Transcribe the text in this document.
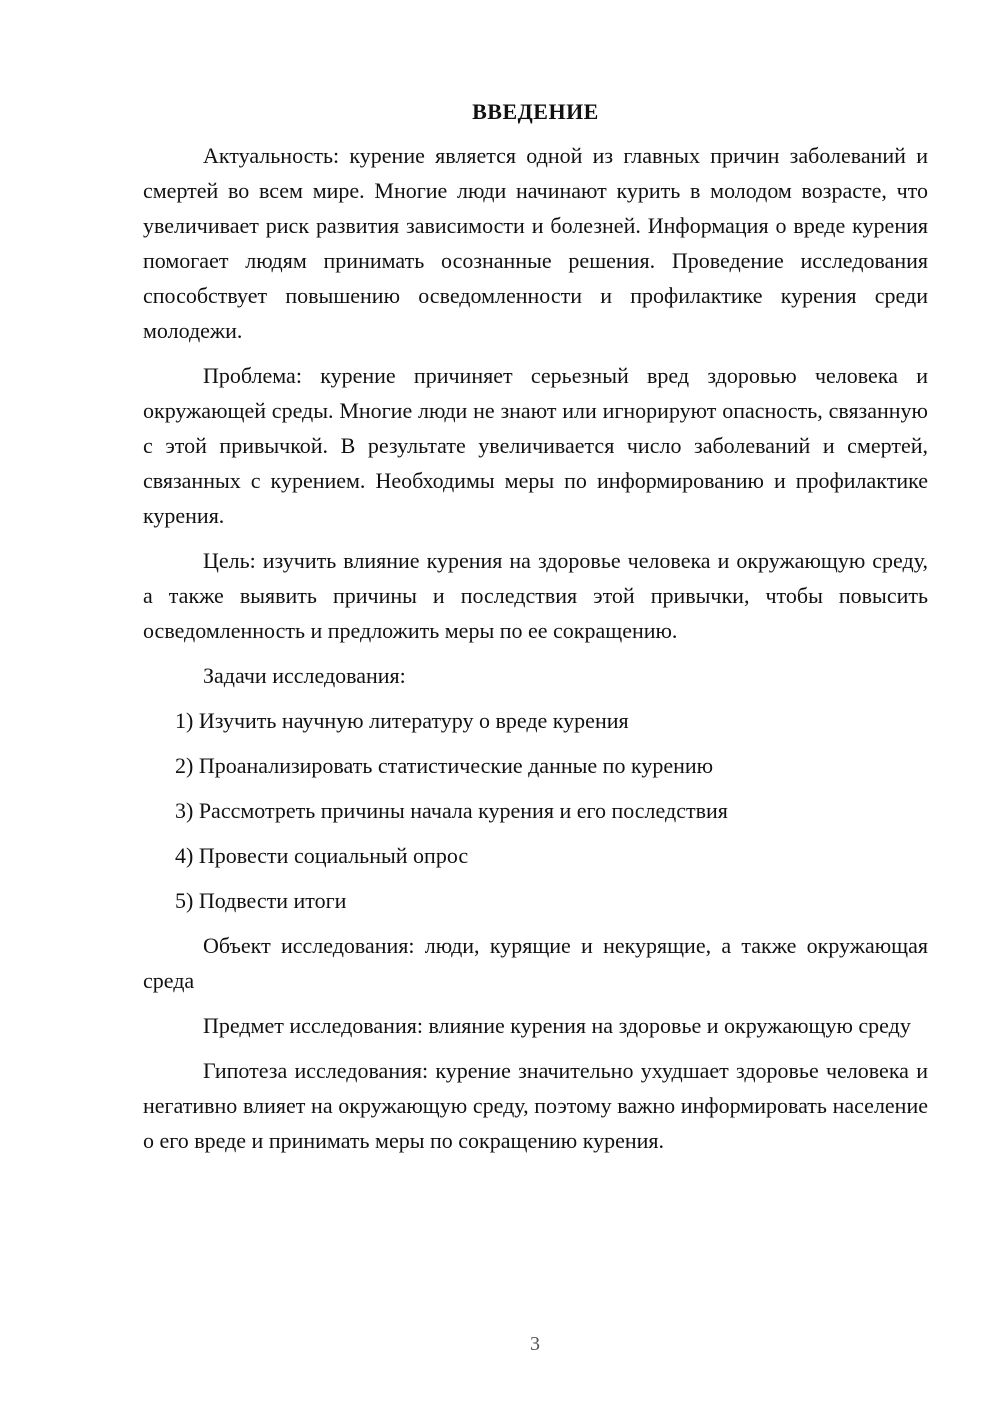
ВВЕДЕНИЕ

Актуальность: курение является одной из главных причин заболеваний и смертей во всем мире. Многие люди начинают курить в молодом возрасте, что увеличивает риск развития зависимости и болезней. Информация о вреде курения помогает людям принимать осознанные решения. Проведение исследования способствует повышению осведомленности и профилактике курения среди молодежи.

Проблема: курение причиняет серьезный вред здоровью человека и окружающей среды. Многие люди не знают или игнорируют опасность, связанную с этой привычкой. В результате увеличивается число заболеваний и смертей, связанных с курением. Необходимы меры по информированию и профилактике курения.

Цель: изучить влияние курения на здоровье человека и окружающую среду, а также выявить причины и последствия этой привычки, чтобы повысить осведомленность и предложить меры по ее сокращению.

Задачи исследования:

1) Изучить научную литературу о вреде курения
2) Проанализировать статистические данные по курению
3) Рассмотреть причины начала курения и его последствия
4) Провести социальный опрос
5) Подвести итоги

Объект исследования: люди, курящие и некурящие, а также окружающая среда

Предмет исследования: влияние курения на здоровье и окружающую среду

Гипотеза исследования: курение значительно ухудшает здоровье человека и негативно влияет на окружающую среду, поэтому важно информировать население о его вреде и принимать меры по сокращению курения.

3
